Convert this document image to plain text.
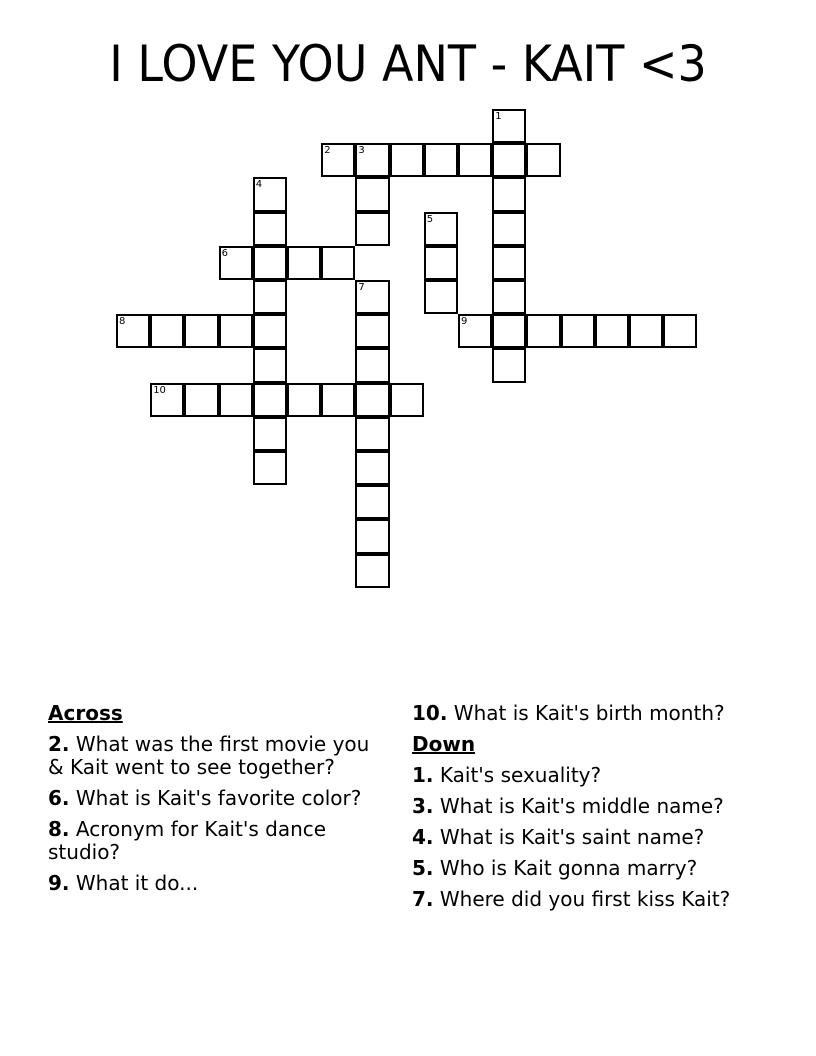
I LOVE YOU ANT - KAIT <3
1
2	3
4
5
6
7
8	9
10
Across
2. What was the first movie you & Kait went to see together?
6. What is Kait's favorite color?
8. Acronym for Kait's dance studio?
9. What it do...
10. What is Kait's birth month?
Down
1. Kait's sexuality?
3. What is Kait's middle name?
4. What is Kait's saint name?
5. Who is Kait gonna marry?
7. Where did you first kiss Kait?
